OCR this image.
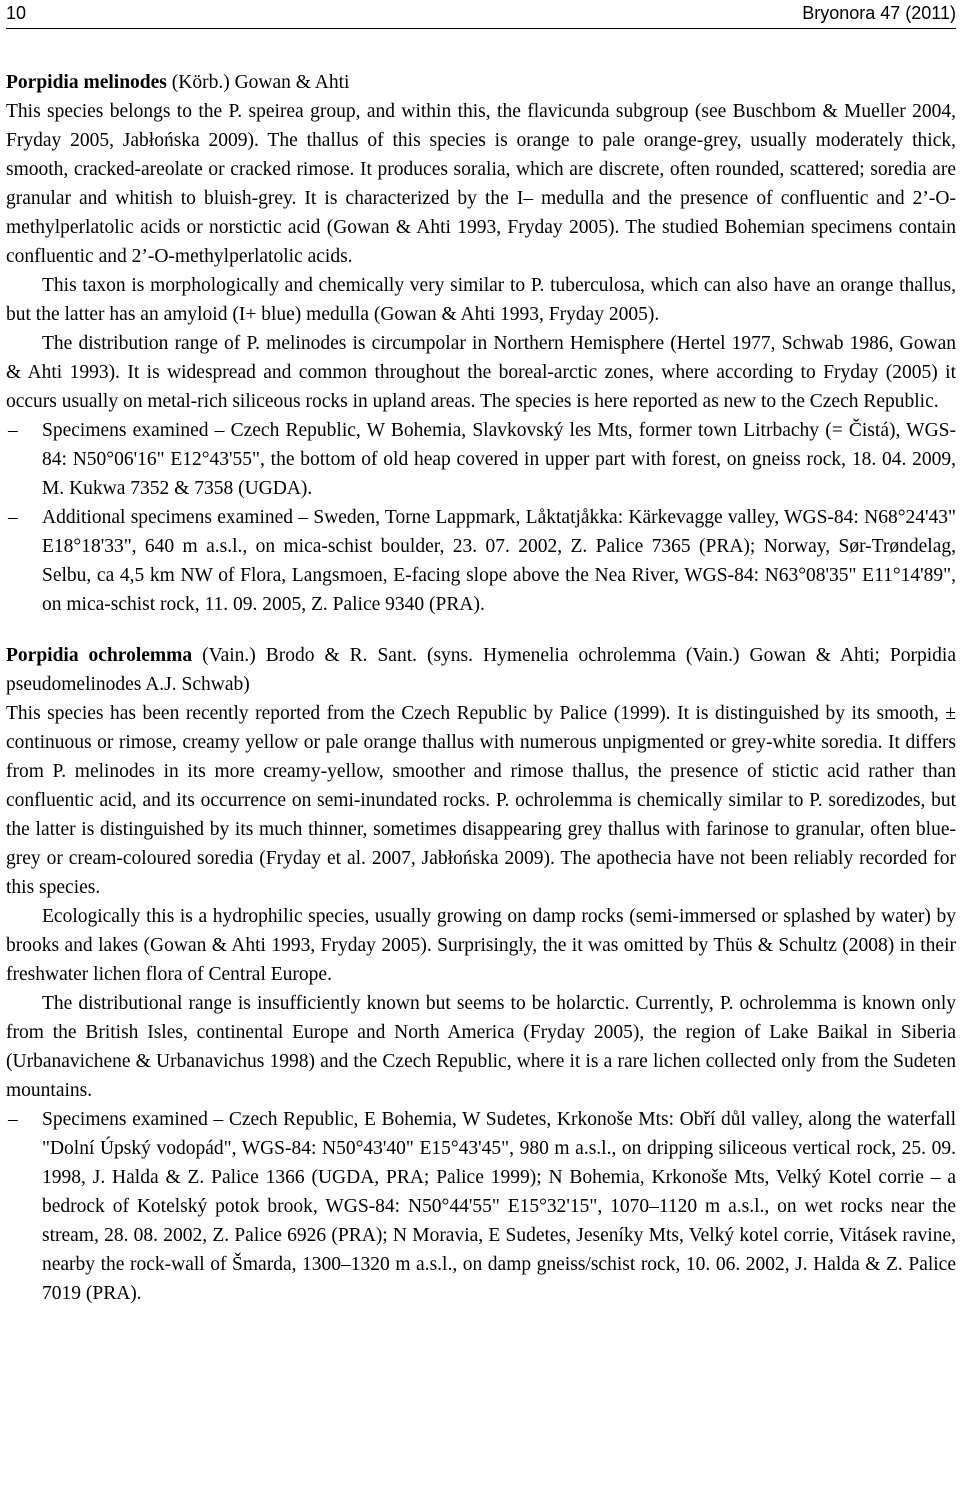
10	Bryonora 47 (2011)

Porpidia melinodes (Körb.) Gowan & Ahti

This species belongs to the P. speirea group, and within this, the flavicunda subgroup (see Buschbom & Mueller 2004, Fryday 2005, Jabłońska 2009). The thallus of this species is orange to pale orange-grey, usually moderately thick, smooth, cracked-areolate or cracked rimose. It produces soralia, which are discrete, often rounded, scattered; soredia are granular and whitish to bluish-grey. It is characterized by the I– medulla and the presence of confluentic and 2’-O-methylperlatolic acids or norstictic acid (Gowan & Ahti 1993, Fryday 2005). The studied Bohemian specimens contain confluentic and 2’-O-methylperlatolic acids.

This taxon is morphologically and chemically very similar to P. tuberculosa, which can also have an orange thallus, but the latter has an amyloid (I+ blue) medulla (Gowan & Ahti 1993, Fryday 2005).

The distribution range of P. melinodes is circumpolar in Northern Hemisphere (Hertel 1977, Schwab 1986, Gowan & Ahti 1993). It is widespread and common throughout the boreal-arctic zones, where according to Fryday (2005) it occurs usually on metal-rich siliceous rocks in upland areas. The species is here reported as new to the Czech Republic.

– Specimens examined – Czech Republic, W Bohemia, Slavkovský les Mts, former town Litrbachy (= Čistá), WGS-84: N50°06'16" E12°43'55", the bottom of old heap covered in upper part with forest, on gneiss rock, 18. 04. 2009, M. Kukwa 7352 & 7358 (UGDA).
– Additional specimens examined – Sweden, Torne Lappmark, Låktatjåkka: Kärkevagge valley, WGS-84: N68°24'43" E18°18'33", 640 m a.s.l., on mica-schist boulder, 23. 07. 2002, Z. Palice 7365 (PRA); Norway, Sør-Trøndelag, Selbu, ca 4,5 km NW of Flora, Langsmoen, E-facing slope above the Nea River, WGS-84: N63°08'35" E11°14'89", on mica-schist rock, 11. 09. 2005, Z. Palice 9340 (PRA).

Porpidia ochrolemma (Vain.) Brodo & R. Sant. (syns. Hymenelia ochrolemma (Vain.) Gowan & Ahti; Porpidia pseudomelinodes A.J. Schwab)

This species has been recently reported from the Czech Republic by Palice (1999). It is distinguished by its smooth, ± continuous or rimose, creamy yellow or pale orange thallus with numerous unpigmented or grey-white soredia. It differs from P. melinodes in its more creamy-yellow, smoother and rimose thallus, the presence of stictic acid rather than confluentic acid, and its occurrence on semi-inundated rocks. P. ochrolemma is chemically similar to P. soredizodes, but the latter is distinguished by its much thinner, sometimes disappearing grey thallus with farinose to granular, often blue-grey or cream-coloured soredia (Fryday et al. 2007, Jabłońska 2009). The apothecia have not been reliably recorded for this species.

Ecologically this is a hydrophilic species, usually growing on damp rocks (semi-immersed or splashed by water) by brooks and lakes (Gowan & Ahti 1993, Fryday 2005). Surprisingly, the it was omitted by Thüs & Schultz (2008) in their freshwater lichen flora of Central Europe.

The distributional range is insufficiently known but seems to be holarctic. Currently, P. ochrolemma is known only from the British Isles, continental Europe and North America (Fryday 2005), the region of Lake Baikal in Siberia (Urbanavichene & Urbanavichus 1998) and the Czech Republic, where it is a rare lichen collected only from the Sudeten mountains.

– Specimens examined – Czech Republic, E Bohemia, W Sudetes, Krkonoše Mts: Obří důl valley, along the waterfall "Dolní Úpský vodopád", WGS-84: N50°43'40" E15°43'45", 980 m a.s.l., on dripping siliceous vertical rock, 25. 09. 1998, J. Halda & Z. Palice 1366 (UGDA, PRA; Palice 1999); N Bohemia, Krkonoše Mts, Velký Kotel corrie – a bedrock of Kotelský potok brook, WGS-84: N50°44'55" E15°32'15", 1070–1120 m a.s.l., on wet rocks near the stream, 28. 08. 2002, Z. Palice 6926 (PRA); N Moravia, E Sudetes, Jeseníky Mts, Velký kotel corrie, Vitásek ravine, nearby the rock-wall of Šmarda, 1300–1320 m a.s.l., on damp gneiss/schist rock, 10. 06. 2002, J. Halda & Z. Palice 7019 (PRA).
